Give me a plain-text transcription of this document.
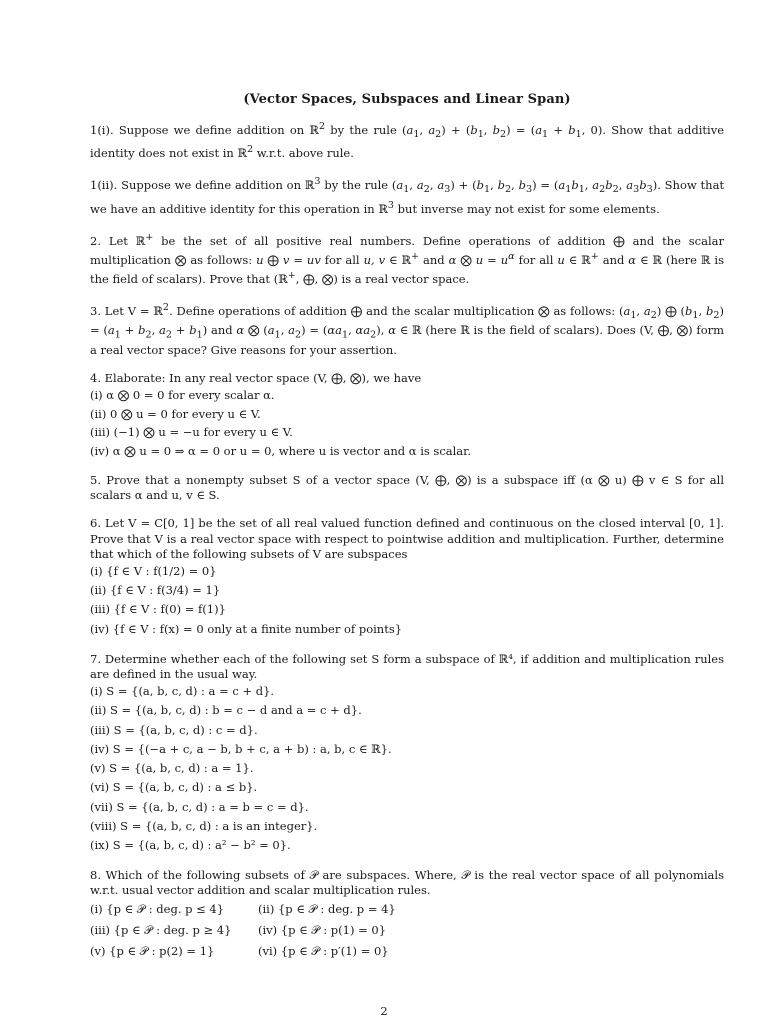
(Vector Spaces, Subspaces and Linear Span)
1(i). Suppose we define addition on ℝ$^2$ by the rule ($a_1$, $a_2) + (b_1$, $b_2) = (a_1 + b_1$, 0). Show that additive identity does not exist in ℝ$^2$ w.r.t. above rule.
1(ii). Suppose we define addition on ℝ$^3$ by the rule ($a_1$, $a_2$, $a_3) + (b_1$, $b_2$, $b_3) = (a_1b_1$, $a_2b_2$, $a_3b_3$). Show that we have an additive identity for this operation in ℝ$^3$ but inverse may not exist for some elements.
2. Let ℝ+ be the set of all positive real numbers. Define operations of addition ⨁ and the scalar multiplication ⨂ as follows: u ⨁ v = uv for all u, v ∈ ℝ+ and α ⨂ $u = u^\alpha$ for all u ∈ ℝ+ and α ∈ ℝ (here ℝ is the field of scalars). Prove that (ℝ+, ⨁, ⨂) is a real vector space.
3. Let V = ℝ$^2$. Define operations of addition ⨁ and the scalar multiplication ⨂ as follows: ($a_1$, $a_2$) ⨁ ($b_1$, $b_2) = (a_1 + b_2$, $a_2 + b_1$) and α ⨂ ($a_1$, $a_2) = (\alpha a_1$, $\alpha a_2$), α ∈ ℝ (here ℝ is the field of scalars). Does (V, ⨁, ⨂) form a real vector space? Give reasons for your assertion.

4. Elaborate: In any real vector space (V, ⨁, ⨂), we have

(i) α ⨂ 0 = 0 for every scalar α.

(ii) 0 ⨂ u = 0 for every u ∈ V.

(iii) (−1) ⨂ u = −u for every u ∈ V.

(iv) α ⨂ u = 0 ⇒ α = 0 or u = 0, where u is vector and α is scalar.

5. Prove that a nonempty subset S of a vector space (V, ⨁, ⨂) is a subspace iff (α ⨂ u) ⨁ v ∈ S for all scalars α and u, v ∈ S.

6. Let V = C[0, 1] be the set of all real valued function defined and continuous on the closed interval [0, 1]. Prove that V is a real vector space with respect to pointwise addition and multiplication. Further, determine that which of the following subsets of V are subspaces

(i) {f ∈ V : f(1/2) = 0}

(ii) {f ∈ V : f(3/4) = 1}

(iii) {f ∈ V : f(0) = f(1)}

(iv) {f ∈ V : f(x) = 0 only at a finite number of points}

7. Determine whether each of the following set S form a subspace of ℝ⁴, if addition and multiplication rules are defined in the usual way.

(i) S = {(a, b, c, d) : a = c + d}.

(ii) S = {(a, b, c, d) : b = c − d and a = c + d}.

(iii) S = {(a, b, c, d) : c = d}.

(iv) S = {(−a + c, a − b, b + c, a + b) : a, b, c ∈ ℝ}.

(v) S = {(a, b, c, d) : a = 1}.

(vi) S = {(a, b, c, d) : a ≤ b}.

(vii) S = {(a, b, c, d) : a = b = c = d}.

(viii) S = {(a, b, c, d) : a is an integer}.

(ix) S = {(a, b, c, d) : a² − b² = 0}.

8. Which of the following subsets of 𝒫 are subspaces. Where, 𝒫 is the real vector space of all polynomials w.r.t. usual vector addition and scalar multiplication rules.

(i) {p ∈ 𝒫 : deg. p ≤ 4}	(ii) {p ∈ 𝒫 : deg. p = 4}
(iii) {p ∈ 𝒫 : deg. p ≥ 4}	(iv) {p ∈ 𝒫 : p(1) = 0}
(v) {p ∈ 𝒫 : p(2) = 1}	(vi) {p ∈ 𝒫 : p′(1) = 0}
2
